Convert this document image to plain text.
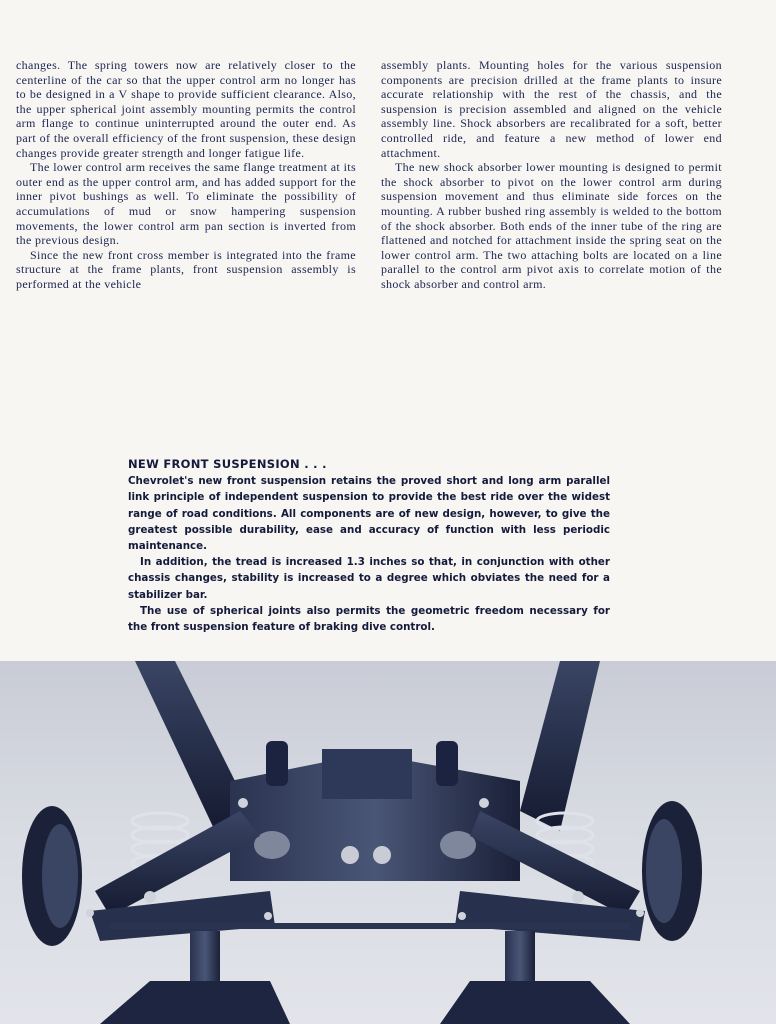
changes. The spring towers now are relatively closer to the centerline of the car so that the upper control arm no longer has to be designed in a V shape to provide sufficient clearance. Also, the upper spherical joint assembly mounting permits the control arm flange to continue uninterrupted around the outer end. As part of the overall efficiency of the front suspension, these design changes provide greater strength and longer fatigue life.

The lower control arm receives the same flange treatment at its outer end as the upper control arm, and has added support for the inner pivot bushings as well. To eliminate the possibility of accumulations of mud or snow hampering suspension movements, the lower control arm pan section is inverted from the previous design.

Since the new front cross member is integrated into the frame structure at the frame plants, front suspension assembly is performed at the vehicle

assembly plants. Mounting holes for the various suspension components are precision drilled at the frame plants to insure accurate relationship with the rest of the chassis, and the suspension is precision assembled and aligned on the vehicle assembly line. Shock absorbers are recalibrated for a soft, better controlled ride, and feature a new method of lower end attachment.

The new shock absorber lower mounting is designed to permit the shock absorber to pivot on the lower control arm during suspension movement and thus eliminate side forces on the mounting. A rubber bushed ring assembly is welded to the bottom of the shock absorber. Both ends of the inner tube of the ring are flattened and notched for attachment inside the spring seat on the lower control arm. The two attaching bolts are located on a line parallel to the control arm pivot axis to correlate motion of the shock absorber and control arm.

NEW FRONT SUSPENSION . . .

Chevrolet's new front suspension retains the proved short and long arm parallel link principle of independent suspension to provide the best ride over the widest range of road conditions. All components are of new design, however, to give the greatest possible durability, ease and accuracy of function with less periodic maintenance.

In addition, the tread is increased 1.3 inches so that, in conjunction with other chassis changes, stability is increased to a degree which obviates the need for a stabilizer bar.

The use of spherical joints also permits the geometric freedom necessary for the front suspension feature of braking dive control.
